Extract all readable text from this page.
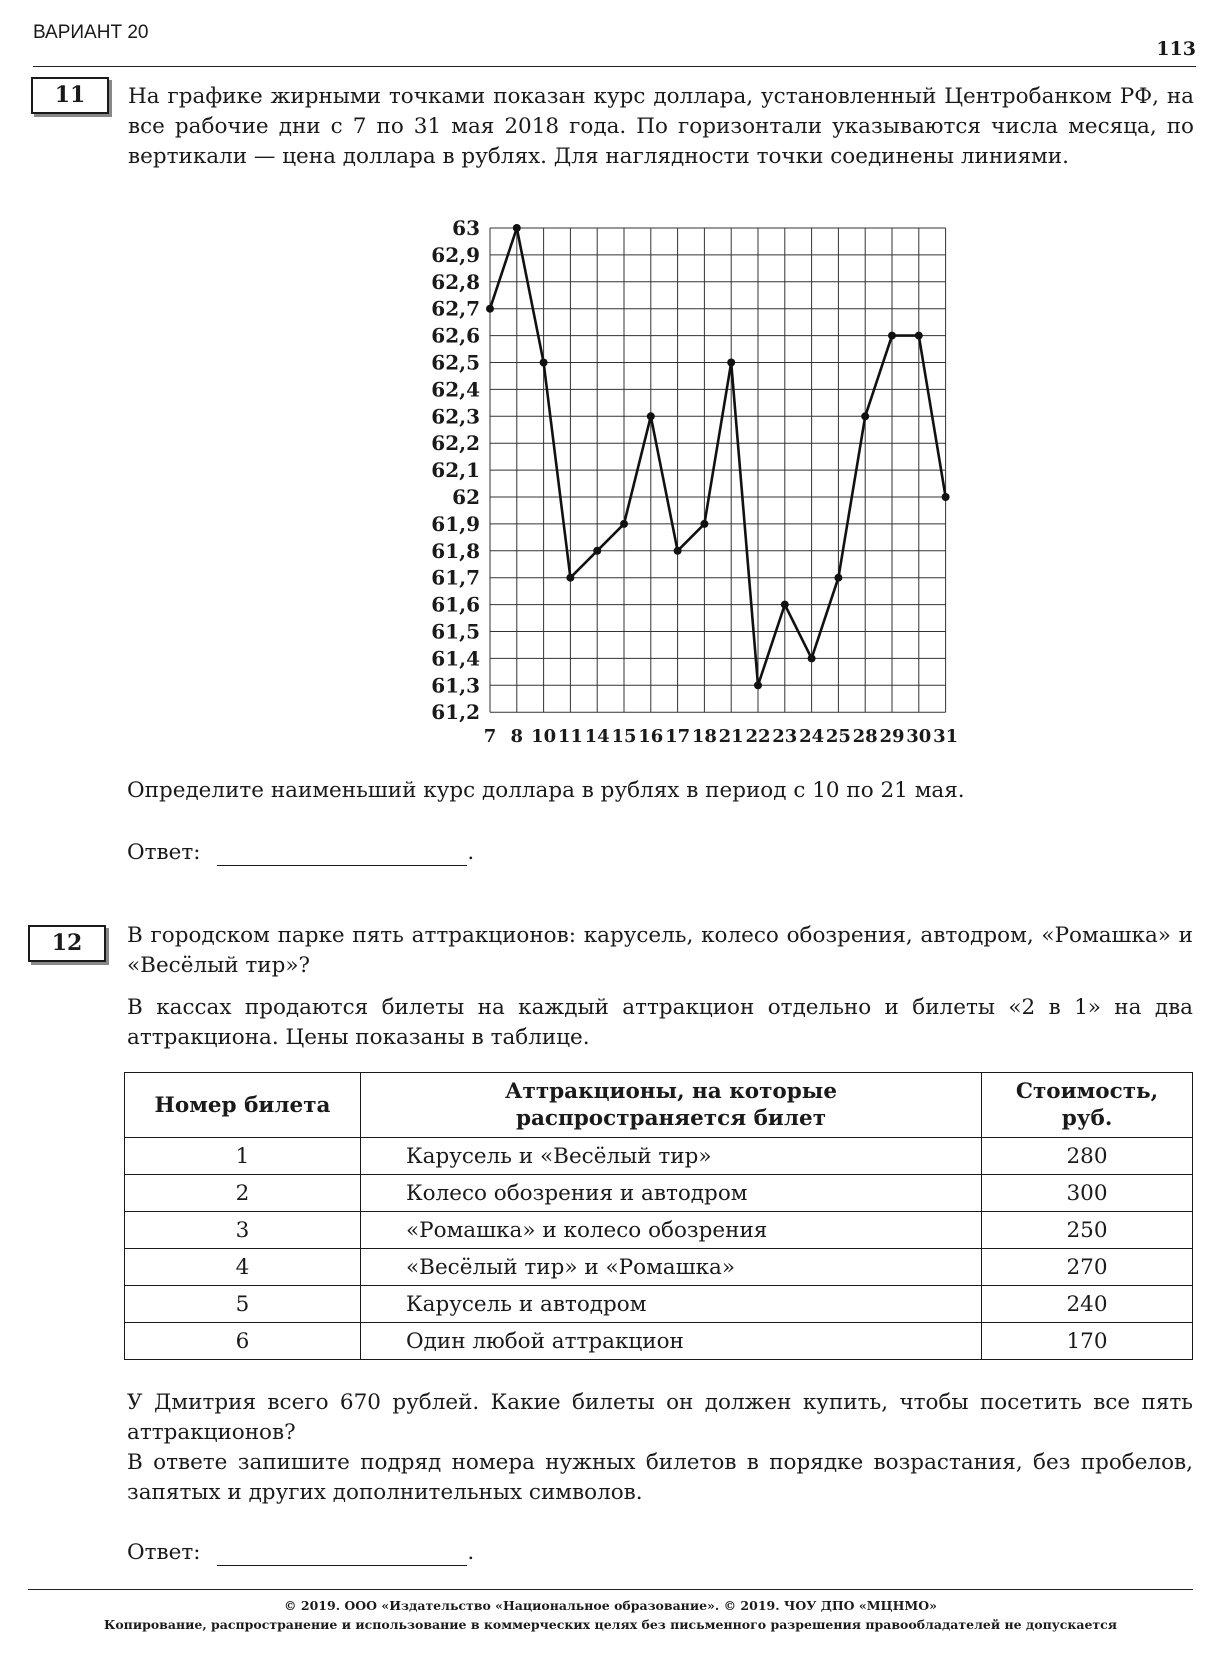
ВАРИАНТ 20
113
11	На графике жирными точками показан курс доллара, установленный Центробанком РФ, на все рабочие дни с 7 по 31 мая 2018 года. По горизонтали указываются числа месяца, по вертикали — цена доллара в рублях. Для наглядности точки соединены линиями.
61,2
61,3
61,4
61,5
61,6
61,7
61,8
61,9
62
62,1
62,2
62,3
62,4
62,5
62,6
62,7
62,8
62,9
63
7 8 10 11 14 15 16 17 18 21 22 23 24 25 28 29 30 31
Определите наименьший курс доллара в рублях в период с 10 по 21 мая.
Ответ:	.
12	В городском парке пять аттракционов: карусель, колесо обозрения, автодром, «Ромашка» и «Весёлый тир»?
В кассах продаются билеты на каждый аттракцион отдельно и билеты «2 в 1» на два аттракциона. Цены показаны в таблице.
Номер билета	Аттракционы, на которые распространяется билет	Стоимость, руб.
1	Карусель и «Весёлый тир»	280
2	Колесо обозрения и автодром	300
3	«Ромашка» и колесо обозрения	250
4	«Весёлый тир» и «Ромашка»	270
5	Карусель и автодром	240
6	Один любой аттракцион	170
У Дмитрия всего 670 рублей. Какие билеты он должен купить, чтобы посетить все пять аттракционов?
В ответе запишите подряд номера нужных билетов в порядке возрастания, без пробелов, запятых и других дополнительных символов.
Ответ:	.
© 2019. ООО «Издательство «Национальное образование». © 2019. ЧОУ ДПО «МЦНМО»
Копирование, распространение и использование в коммерческих целях без письменного разрешения правообладателей не допускается
